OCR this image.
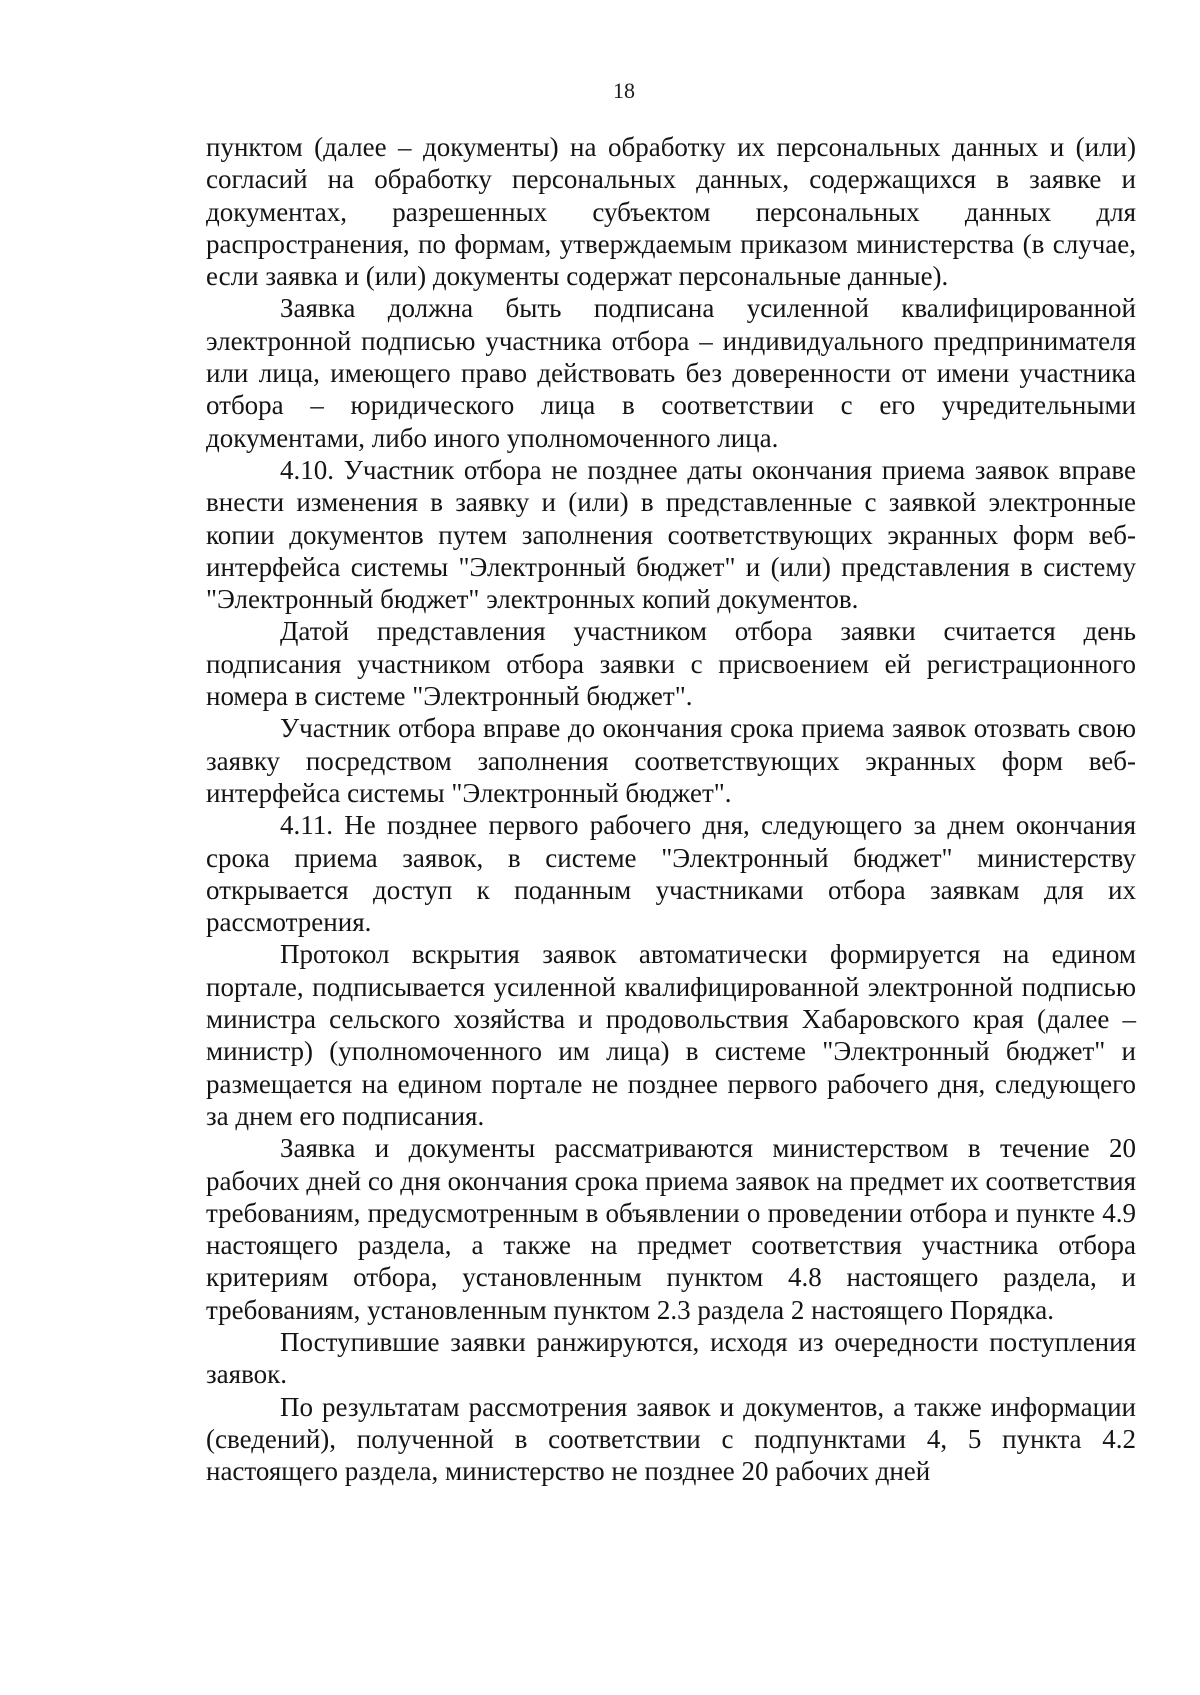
18

пунктом (далее – документы) на обработку их персональных данных и (или) согласий на обработку персональных данных, содержащихся в заявке и документах, разрешенных субъектом персональных данных для распространения, по формам, утверждаемым приказом министерства (в случае, если заявка и (или) документы содержат персональные данные).

Заявка должна быть подписана усиленной квалифицированной электронной подписью участника отбора – индивидуального предпринимателя или лица, имеющего право действовать без доверенности от имени участника отбора – юридического лица в соответствии с его учредительными документами, либо иного уполномоченного лица.

4.10. Участник отбора не позднее даты окончания приема заявок вправе внести изменения в заявку и (или) в представленные с заявкой электронные копии документов путем заполнения соответствующих экранных форм веб-интерфейса системы "Электронный бюджет" и (или) представления в систему "Электронный бюджет" электронных копий документов.

Датой представления участником отбора заявки считается день подписания участником отбора заявки с присвоением ей регистрационного номера в системе "Электронный бюджет".

Участник отбора вправе до окончания срока приема заявок отозвать свою заявку посредством заполнения соответствующих экранных форм веб-интерфейса системы "Электронный бюджет".

4.11. Не позднее первого рабочего дня, следующего за днем окончания срока приема заявок, в системе "Электронный бюджет" министерству открывается доступ к поданным участниками отбора заявкам для их рассмотрения.

Протокол вскрытия заявок автоматически формируется на едином портале, подписывается усиленной квалифицированной электронной подписью министра сельского хозяйства и продовольствия Хабаровского края (далее – министр) (уполномоченного им лица) в системе "Электронный бюджет" и размещается на едином портале не позднее первого рабочего дня, следующего за днем его подписания.

Заявка и документы рассматриваются министерством в течение 20 рабочих дней со дня окончания срока приема заявок на предмет их соответствия требованиям, предусмотренным в объявлении о проведении отбора и пункте 4.9 настоящего раздела, а также на предмет соответствия участника отбора критериям отбора, установленным пунктом 4.8 настоящего раздела, и требованиям, установленным пунктом 2.3 раздела 2 настоящего Порядка.

Поступившие заявки ранжируются, исходя из очередности поступления заявок.

По результатам рассмотрения заявок и документов, а также информации (сведений), полученной в соответствии с подпунктами 4, 5 пункта 4.2 настоящего раздела, министерство не позднее 20 рабочих дней
